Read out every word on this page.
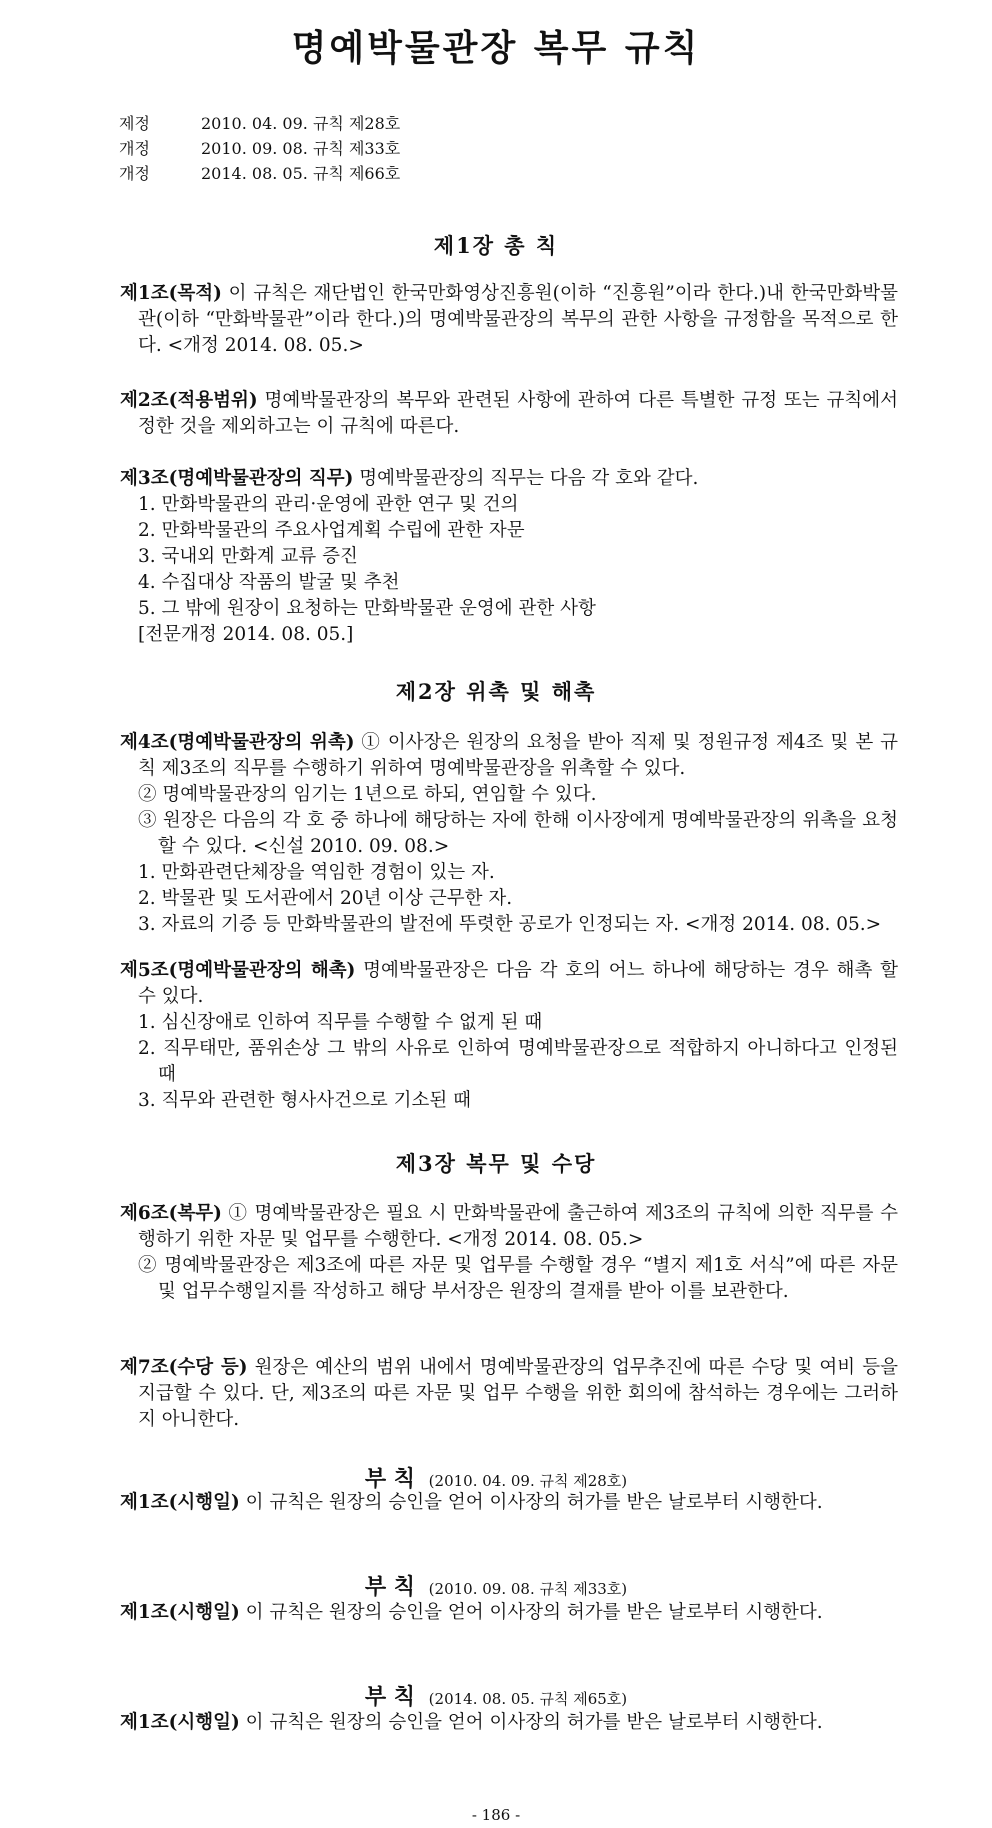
명예박물관장 복무 규칙
제정	2010. 04. 09. 규칙 제28호
개정	2010. 09. 08. 규칙 제33호
개정	2014. 08. 05. 규칙 제66호
제1장 총 칙

제1조(목적) 이 규칙은 재단법인 한국만화영상진흥원(이하 “진흥원”이라 한다.)내 한국만화박물관(이하 “만화박물관”이라 한다.)의 명예박물관장의 복무의 관한 사항을 규정함을 목적으로 한다. <개정 2014. 08. 05.>

제2조(적용범위) 명예박물관장의 복무와 관련된 사항에 관하여 다른 특별한 규정 또는 규칙에서 정한 것을 제외하고는 이 규칙에 따른다.

제3조(명예박물관장의 직무) 명예박물관장의 직무는 다음 각 호와 같다.

1. 만화박물관의 관리·운영에 관한 연구 및 건의

2. 만화박물관의 주요사업계획 수립에 관한 자문

3. 국내외 만화계 교류 증진

4. 수집대상 작품의 발굴 및 추천

5. 그 밖에 원장이 요청하는 만화박물관 운영에 관한 사항

[전문개정 2014. 08. 05.]

제2장 위촉 및 해촉

제4조(명예박물관장의 위촉) ① 이사장은 원장의 요청을 받아 직제 및 정원규정 제4조 및 본 규칙 제3조의 직무를 수행하기 위하여 명예박물관장을 위촉할 수 있다.

② 명예박물관장의 임기는 1년으로 하되, 연임할 수 있다.

③ 원장은 다음의 각 호 중 하나에 해당하는 자에 한해 이사장에게 명예박물관장의 위촉을 요청할 수 있다. <신설 2010. 09. 08.>

1. 만화관련단체장을 역임한 경험이 있는 자.

2. 박물관 및 도서관에서 20년 이상 근무한 자.

3. 자료의 기증 등 만화박물관의 발전에 뚜렷한 공로가 인정되는 자. <개정 2014. 08. 05.>

제5조(명예박물관장의 해촉) 명예박물관장은 다음 각 호의 어느 하나에 해당하는 경우 해촉 할 수 있다.

1. 심신장애로 인하여 직무를 수행할 수 없게 된 때

2. 직무태만, 품위손상 그 밖의 사유로 인하여 명예박물관장으로 적합하지 아니하다고 인정된 때

3. 직무와 관련한 형사사건으로 기소된 때

제3장 복무 및 수당

제6조(복무) ① 명예박물관장은 필요 시 만화박물관에 출근하여 제3조의 규칙에 의한 직무를 수행하기 위한 자문 및 업무를 수행한다. <개정 2014. 08. 05.>

② 명예박물관장은 제3조에 따른 자문 및 업무를 수행할 경우 “별지 제1호 서식”에 따른 자문 및 업무수행일지를 작성하고 해당 부서장은 원장의 결재를 받아 이를 보관한다.

제7조(수당 등) 원장은 예산의 범위 내에서 명예박물관장의 업무추진에 따른 수당 및 여비 등을 지급할 수 있다. 단, 제3조의 따른 자문 및 업무 수행을 위한 회의에 참석하는 경우에는 그러하지 아니한다.

부 칙 (2010. 04. 09. 규칙 제28호)

제1조(시행일) 이 규칙은 원장의 승인을 얻어 이사장의 허가를 받은 날로부터 시행한다.

부 칙 (2010. 09. 08. 규칙 제33호)

제1조(시행일) 이 규칙은 원장의 승인을 얻어 이사장의 허가를 받은 날로부터 시행한다.

부 칙 (2014. 08. 05. 규칙 제65호)

제1조(시행일) 이 규칙은 원장의 승인을 얻어 이사장의 허가를 받은 날로부터 시행한다.

- 186 -
